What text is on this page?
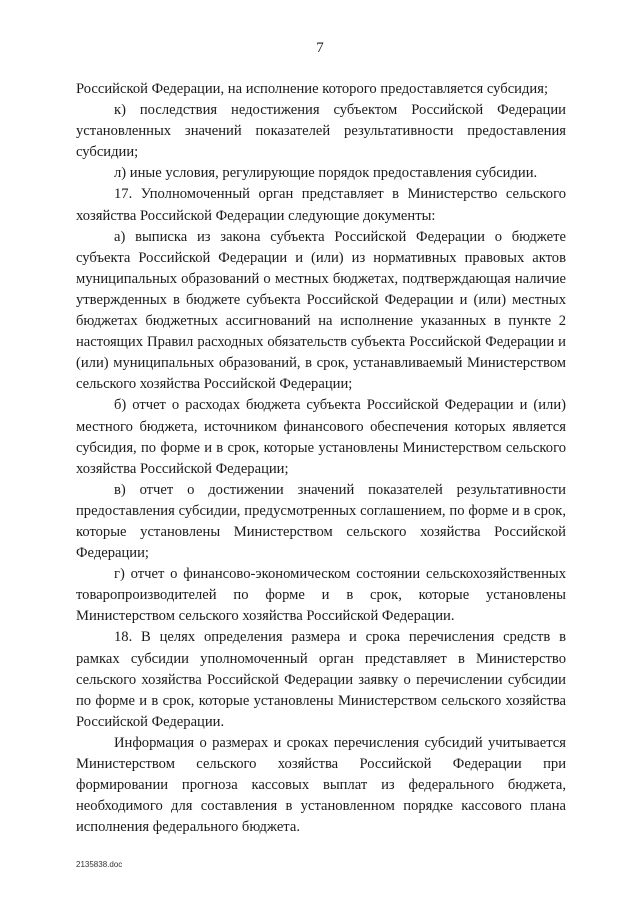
7

Российской Федерации, на исполнение которого предоставляется субсидия;

к) последствия недостижения субъектом Российской Федерации установленных значений показателей результативности предоставления субсидии;

л) иные условия, регулирующие порядок предоставления субсидии.

17. Уполномоченный орган представляет в Министерство сельского хозяйства Российской Федерации следующие документы:

а) выписка из закона субъекта Российской Федерации о бюджете субъекта Российской Федерации и (или) из нормативных правовых актов муниципальных образований о местных бюджетах, подтверждающая наличие утвержденных в бюджете субъекта Российской Федерации и (или) местных бюджетах бюджетных ассигнований на исполнение указанных в пункте 2 настоящих Правил расходных обязательств субъекта Российской Федерации и (или) муниципальных образований, в срок, устанавливаемый Министерством сельского хозяйства Российской Федерации;

б) отчет о расходах бюджета субъекта Российской Федерации и (или) местного бюджета, источником финансового обеспечения которых является субсидия, по форме и в срок, которые установлены Министерством сельского хозяйства Российской Федерации;

в) отчет о достижении значений показателей результативности предоставления субсидии, предусмотренных соглашением, по форме и в срок, которые установлены Министерством сельского хозяйства Российской Федерации;

г) отчет о финансово-экономическом состоянии сельскохозяйственных товаропроизводителей по форме и в срок, которые установлены Министерством сельского хозяйства Российской Федерации.

18. В целях определения размера и срока перечисления средств в рамках субсидии уполномоченный орган представляет в Министерство сельского хозяйства Российской Федерации заявку о перечислении субсидии по форме и в срок, которые установлены Министерством сельского хозяйства Российской Федерации.

Информация о размерах и сроках перечисления субсидий учитывается Министерством сельского хозяйства Российской Федерации при формировании прогноза кассовых выплат из федерального бюджета, необходимого для составления в установленном порядке кассового плана исполнения федерального бюджета.

2135838.doc
